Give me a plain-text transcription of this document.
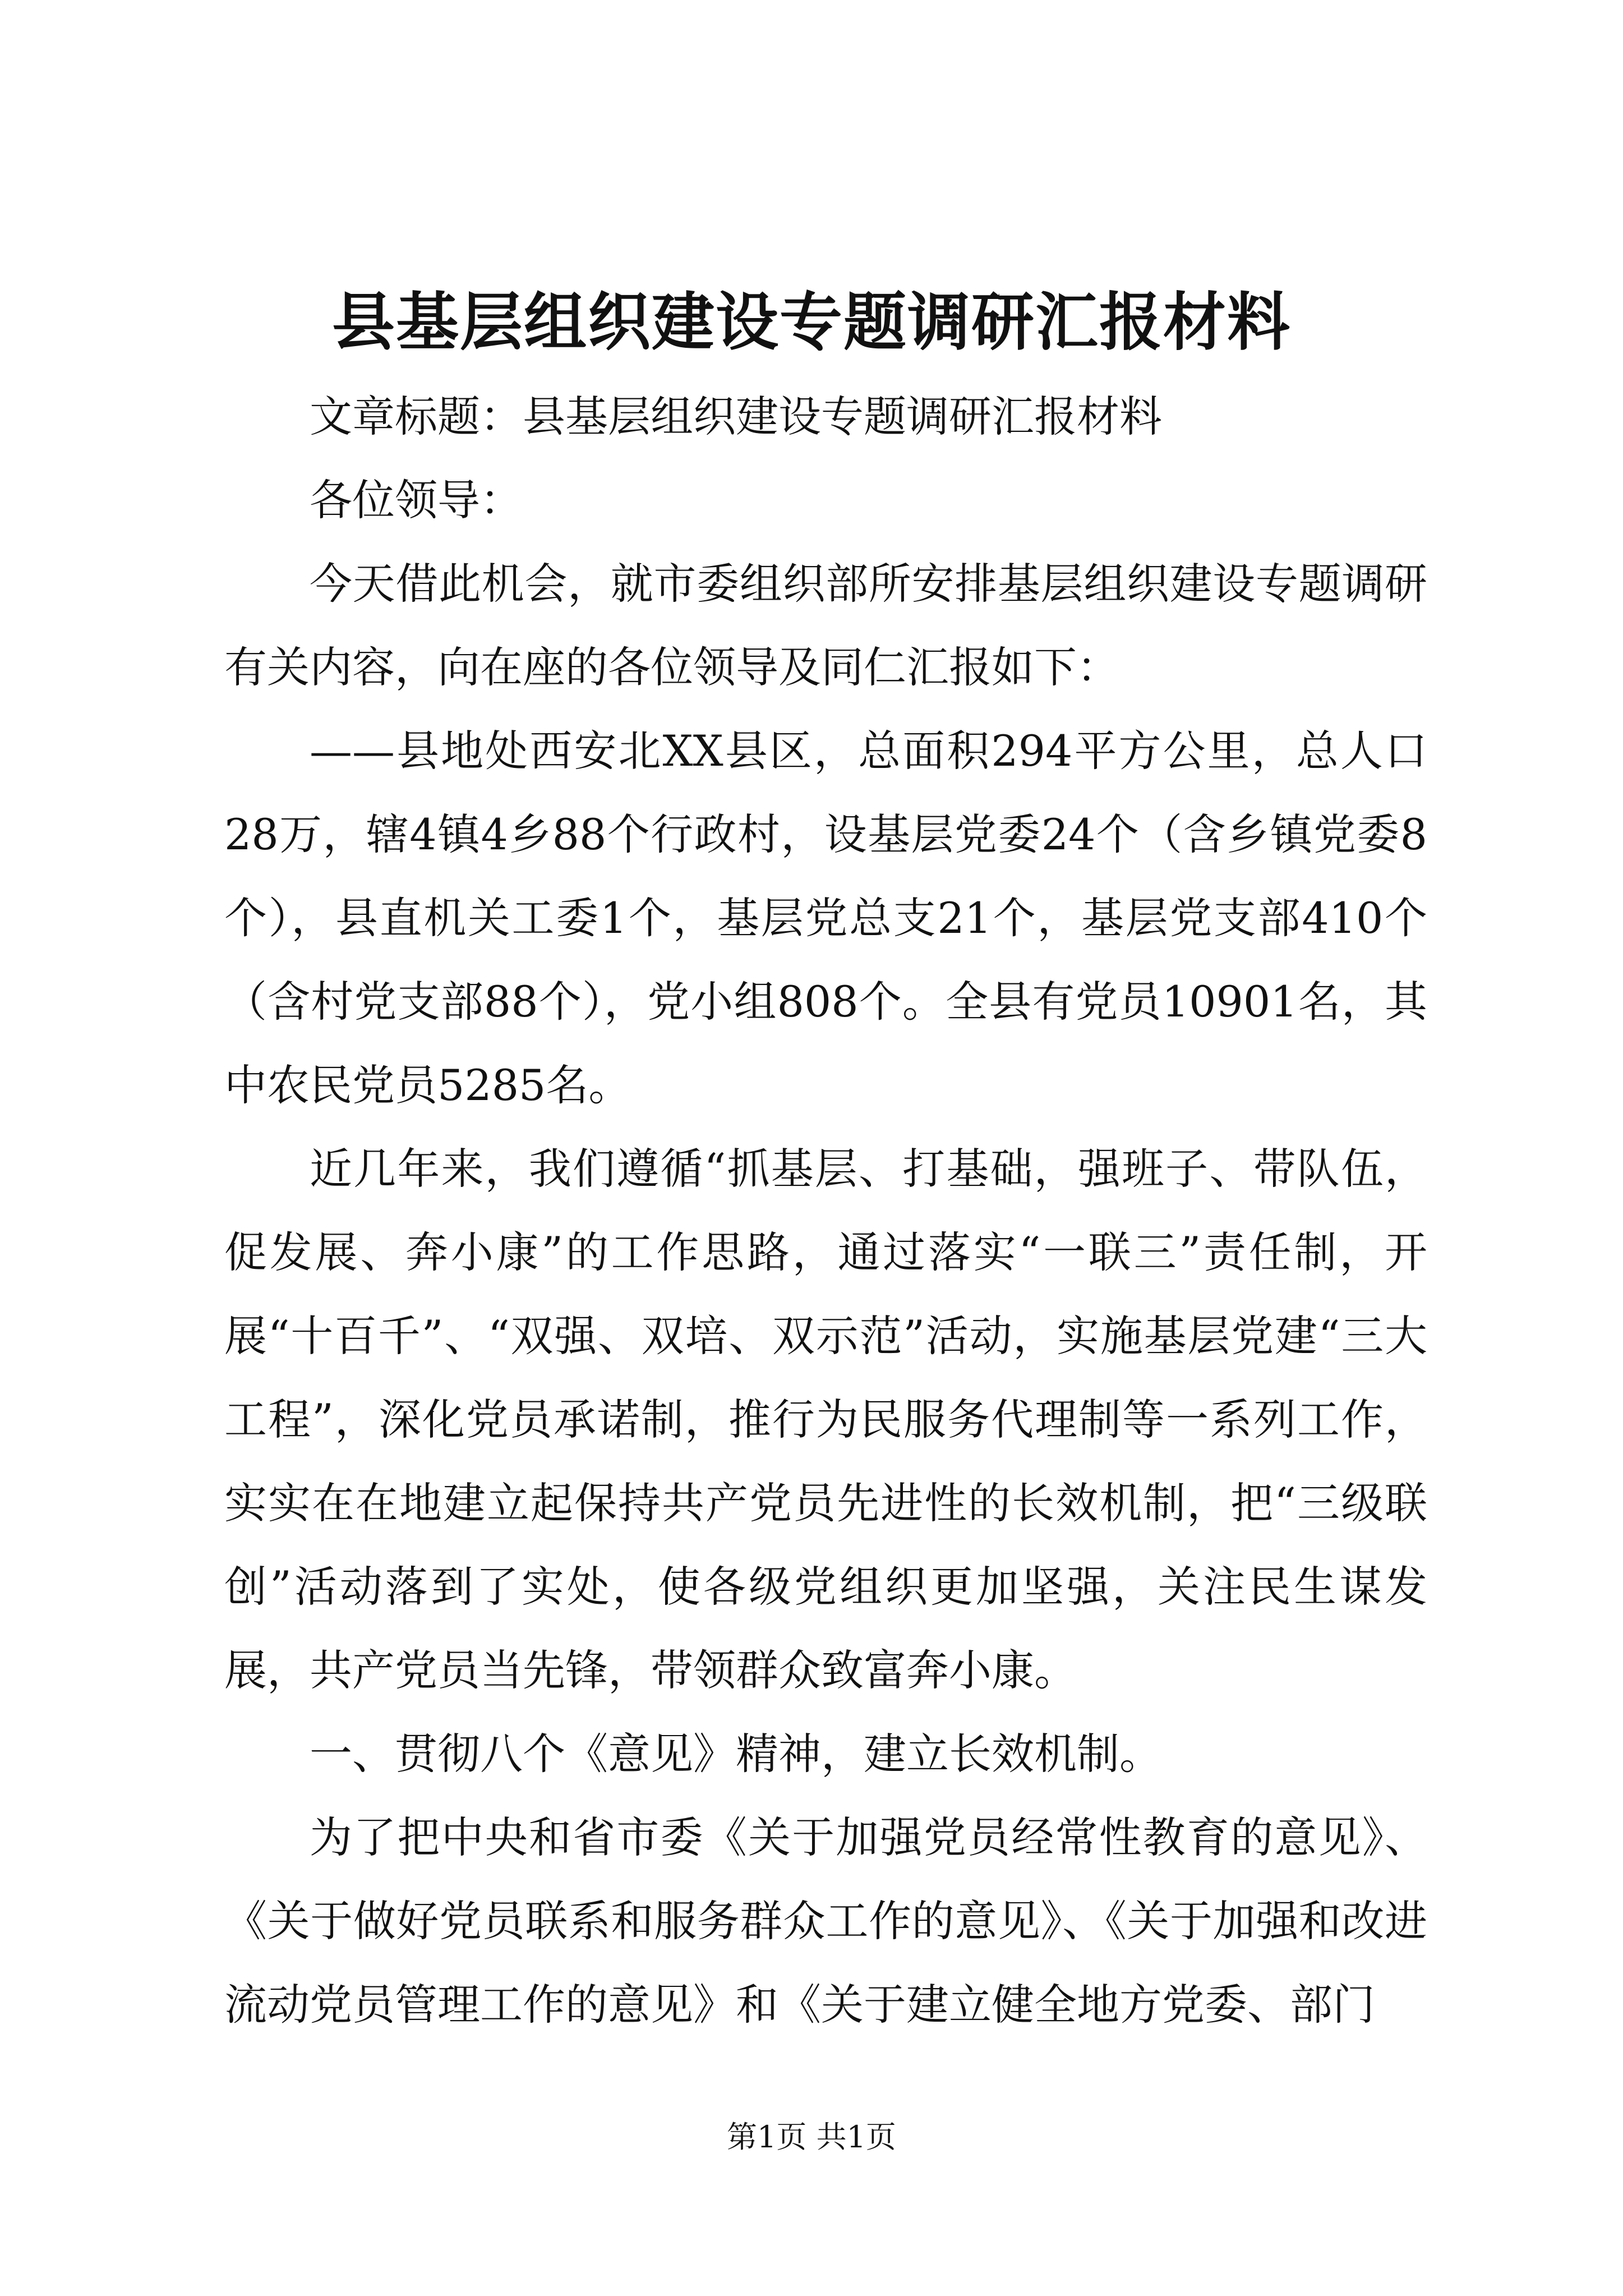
县基层组织建设专题调研汇报材料

文章标题：县基层组织建设专题调研汇报材料

各位领导：

今天借此机会，就市委组织部所安排基层组织建设专题调研有关内容，向在座的各位领导及同仁汇报如下：

——县地处西安北XX县区，总面积294平方公里，总人口28万，辖4镇4乡88个行政村，设基层党委24个（含乡镇党委8个），县直机关工委1个，基层党总支21个，基层党支部410个（含村党支部88个），党小组808个。全县有党员10901名，其中农民党员5285名。

近几年来，我们遵循“抓基层、打基础，强班子、带队伍，促发展、奔小康”的工作思路，通过落实“一联三”责任制，开展“十百千”、“双强、双培、双示范”活动，实施基层党建“三大工程”，深化党员承诺制，推行为民服务代理制等一系列工作，实实在在地建立起保持共产党员先进性的长效机制，把“三级联创”活动落到了实处，使各级党组织更加坚强，关注民生谋发展，共产党员当先锋，带领群众致富奔小康。

一、贯彻八个《意见》精神，建立长效机制。

为了把中央和省市委《关于加强党员经常性教育的意见》、《关于做好党员联系和服务群众工作的意见》、《关于加强和改进流动党员管理工作的意见》和《关于建立健全地方党委、部门

第1页 共1页
